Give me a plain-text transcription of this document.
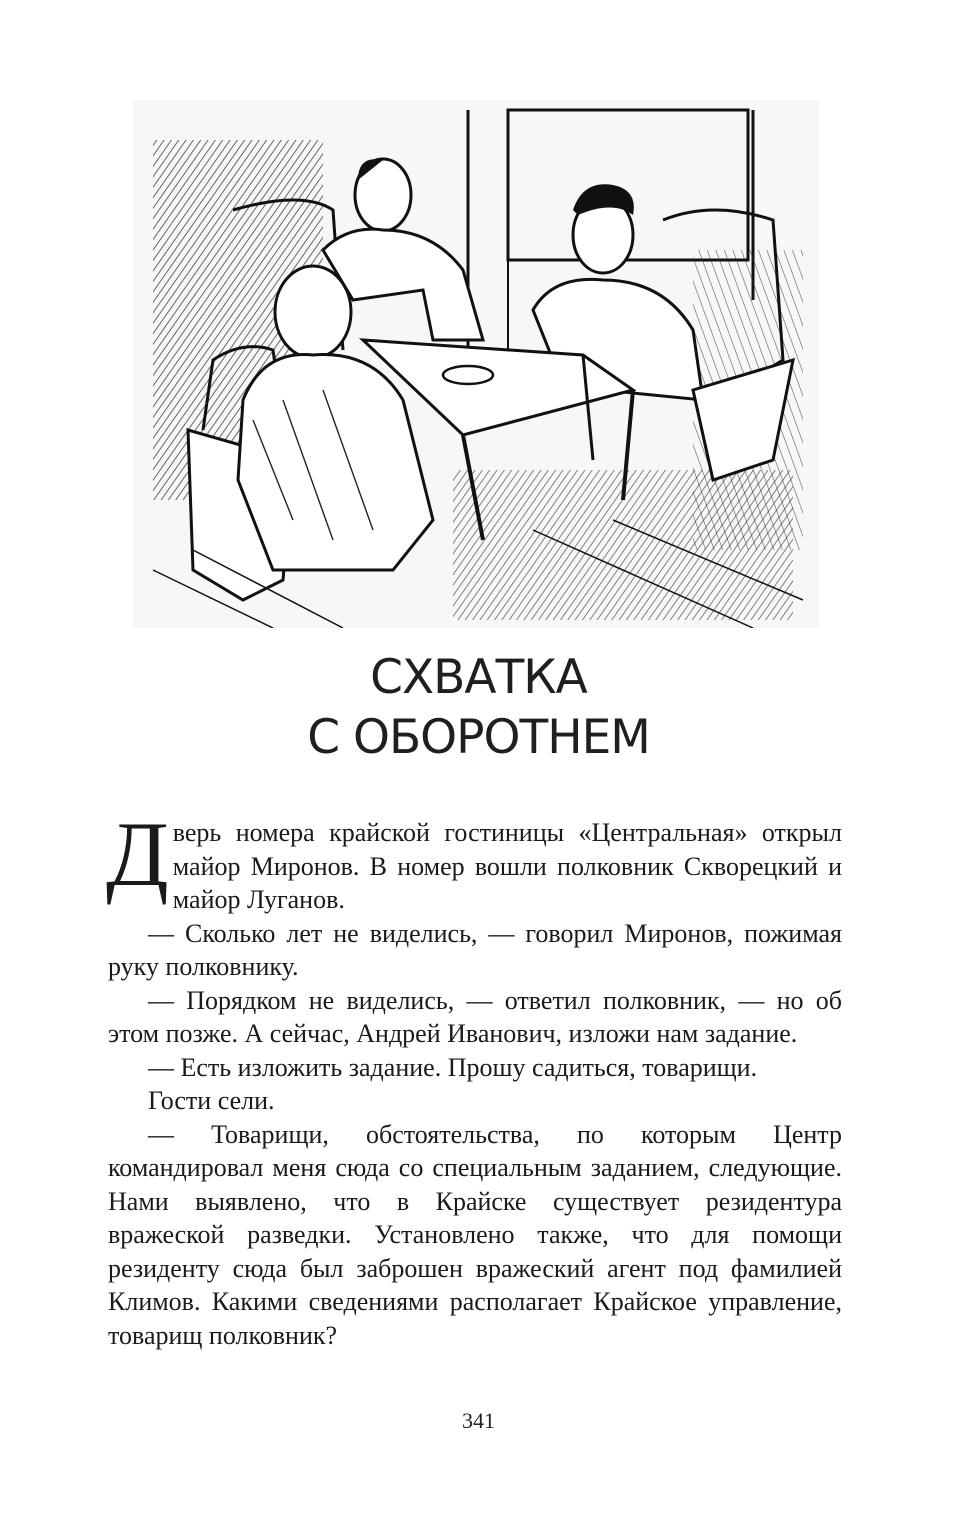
СХВАТКА
С ОБОРОТНЕМ

Дверь номера крайской гостиницы «Центральная» открыл майор Миронов. В номер вошли полковник Скворецкий и майор Луганов.

— Сколько лет не виделись, — говорил Миронов, пожимая руку полковнику.

— Порядком не виделись, — ответил полковник, — но об этом позже. А сейчас, Андрей Иванович, изложи нам задание.

— Есть изложить задание. Прошу садиться, товарищи.

Гости сели.

— Товарищи, обстоятельства, по которым Центр командировал меня сюда со специальным заданием, следующие. Нами выявлено, что в Крайске существует резидентура вражеской разведки. Установлено также, что для помощи резиденту сюда был заброшен вражеский агент под фамилией Климов. Какими сведениями располагает Крайское управление, товарищ полковник?

341
